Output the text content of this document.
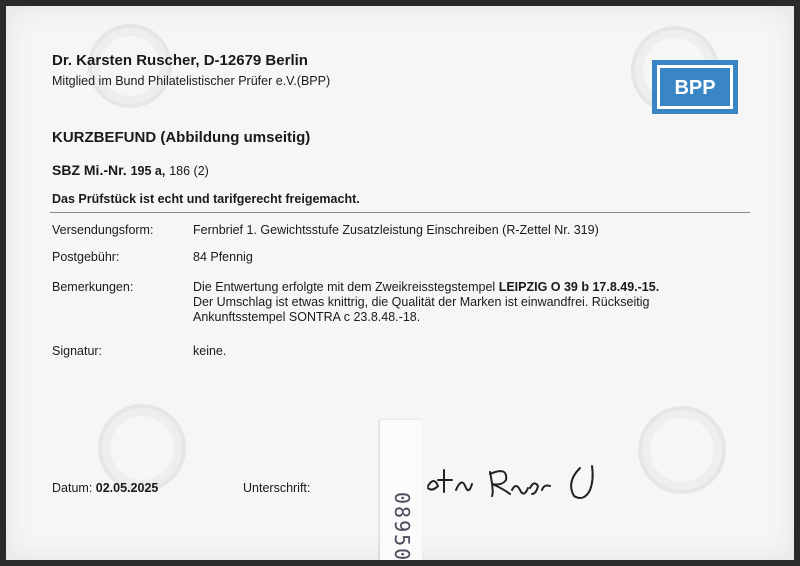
Dr. Karsten Ruscher, D-12679 Berlin
Mitglied im Bund Philatelistischer Prüfer e.V.(BPP)	BPP
KURZBEFUND (Abbildung umseitig)
SBZ Mi.-Nr. 195 a, 186 (2)
Das Prüfstück ist echt und tarifgerecht freigemacht.
Versendungsform:	Fernbrief 1. Gewichtsstufe Zusatzleistung Einschreiben (R-Zettel Nr. 319)
Postgebühr:	84 Pfennig
Bemerkungen:	Die Entwertung erfolgte mit dem Zweikreisstegstempel LEIPZIG O 39 b 17.8.49.-15.
Der Umschlag ist etwas knittrig, die Qualität der Marken ist einwandfrei. Rückseitig
Ankunftsstempel SONTRA c 23.8.48.-18.
Signatur:	keine.
Datum: 02.05.2025	Unterschrift:
08950
